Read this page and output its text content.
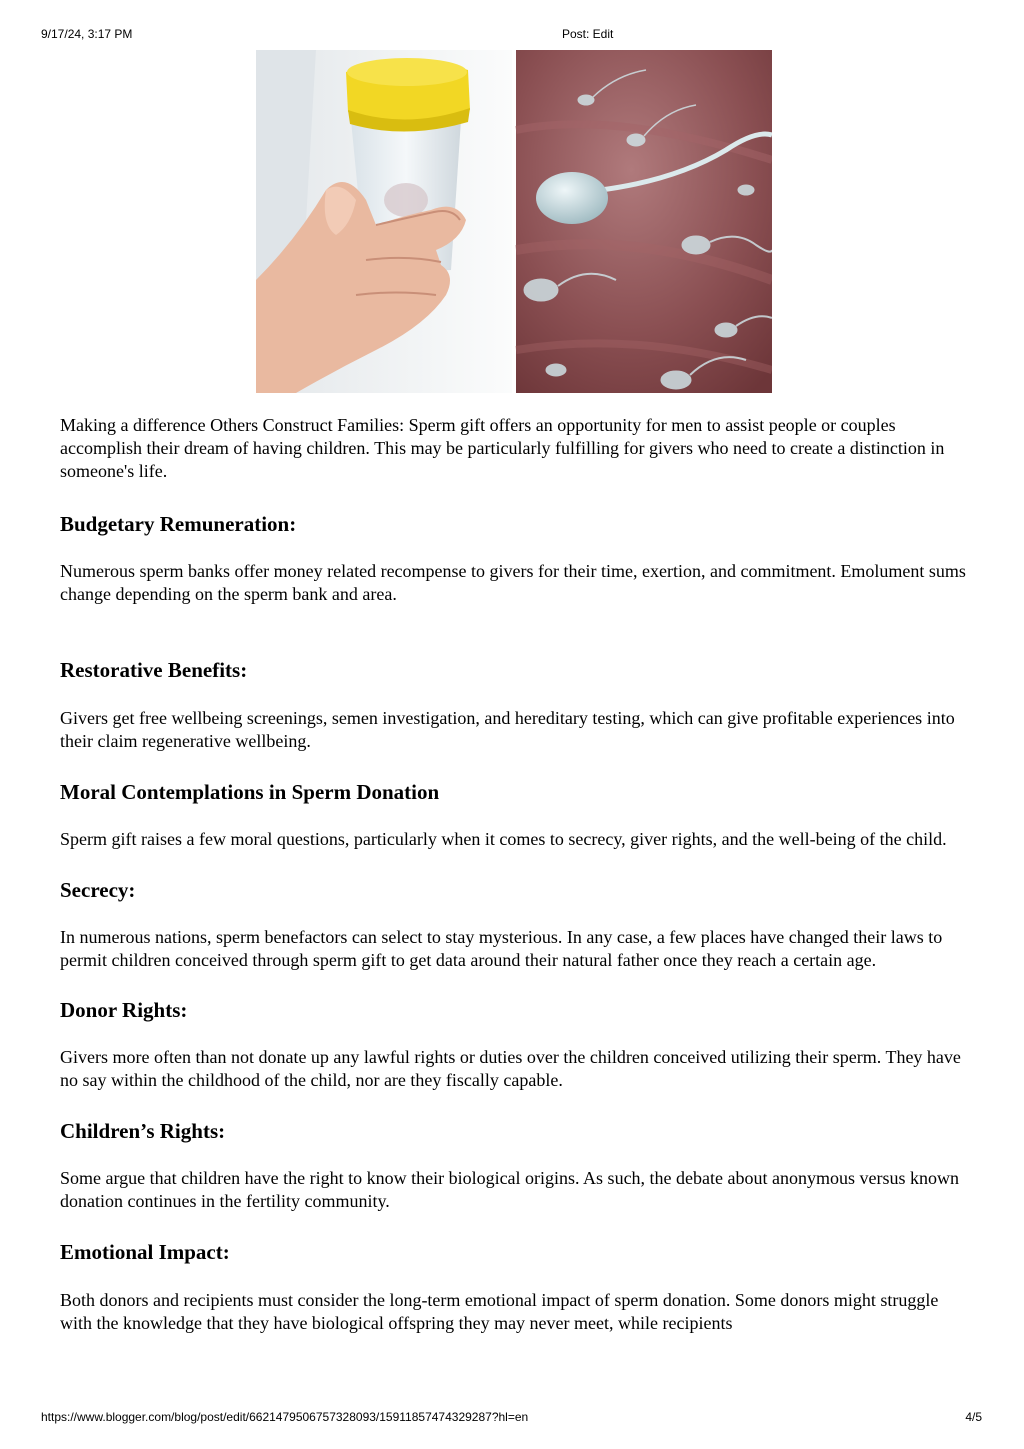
9/17/24, 3:17 PM	Post: Edit

Making a difference Others Construct Families: Sperm gift offers an opportunity for men to assist people or couples accomplish their dream of having children. This may be particularly fulfilling for givers who need to create a distinction in someone's life.

Budgetary Remuneration:

Numerous sperm banks offer money related recompense to givers for their time, exertion, and commitment. Emolument sums change depending on the sperm bank and area.

Restorative Benefits:

Givers get free wellbeing screenings, semen investigation, and hereditary testing, which can give profitable experiences into their claim regenerative wellbeing.

Moral Contemplations in Sperm Donation

Sperm gift raises a few moral questions, particularly when it comes to secrecy, giver rights, and the well-being of the child.

Secrecy:

In numerous nations, sperm benefactors can select to stay mysterious. In any case, a few places have changed their laws to permit children conceived through sperm gift to get data around their natural father once they reach a certain age.

Donor Rights:

Givers more often than not donate up any lawful rights or duties over the children conceived utilizing their sperm. They have no say within the childhood of the child, nor are they fiscally capable.

Children’s Rights:

Some argue that children have the right to know their biological origins. As such, the debate about anonymous versus known donation continues in the fertility community.

Emotional Impact:

Both donors and recipients must consider the long-term emotional impact of sperm donation. Some donors might struggle with the knowledge that they have biological offspring they may never meet, while recipients

https://www.blogger.com/blog/post/edit/6621479506757328093/1591185747432928​7?hl=en	4/5
